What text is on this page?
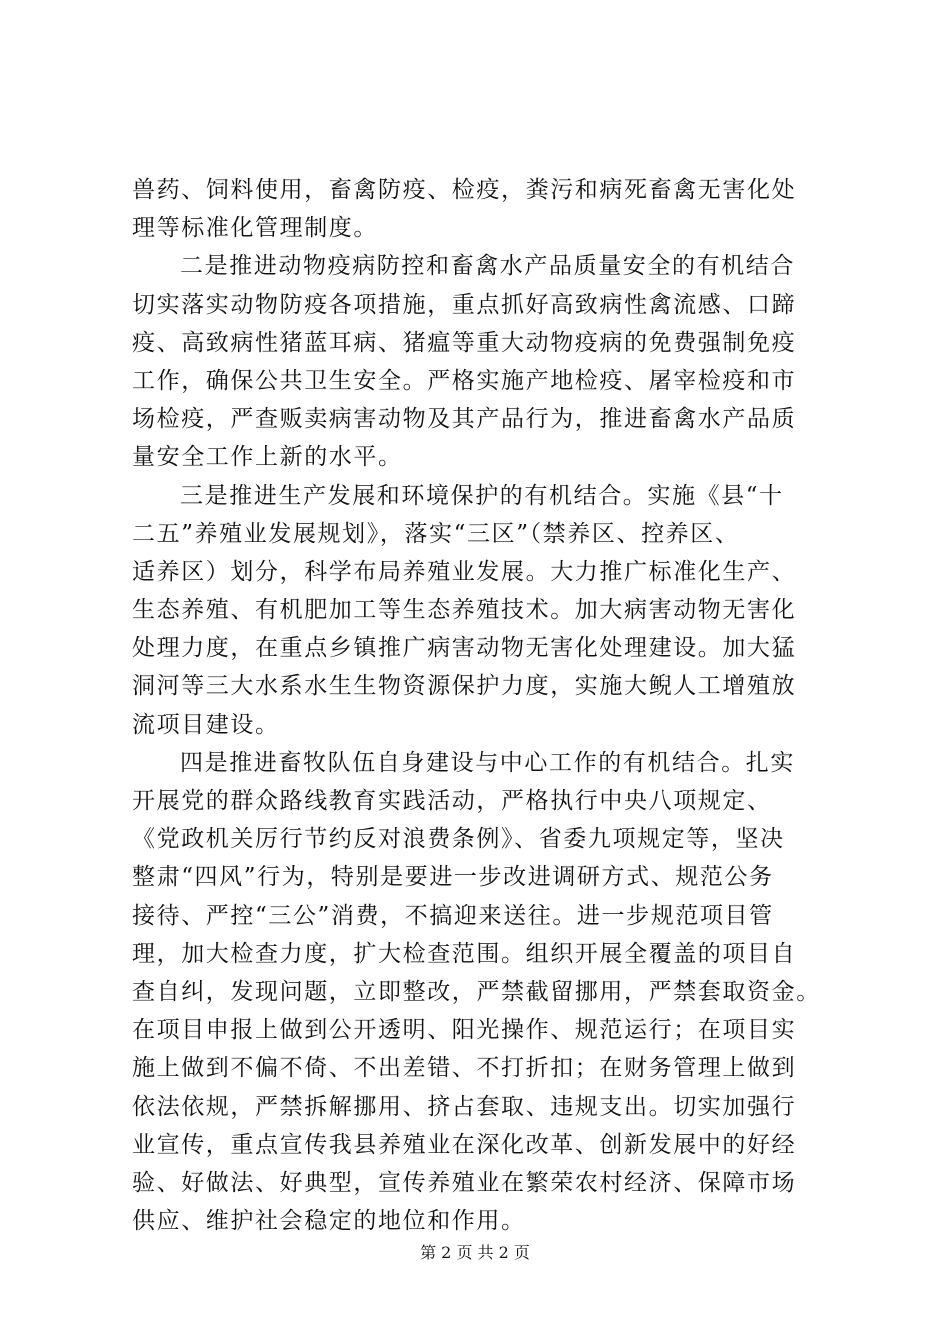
兽药、饲料使用，畜禽防疫、检疫，粪污和病死畜禽无害化处
理等标准化管理制度。
二是推进动物疫病防控和畜禽水产品质量安全的有机结合
切实落实动物防疫各项措施，重点抓好高致病性禽流感、口蹄
疫、高致病性猪蓝耳病、猪瘟等重大动物疫病的免费强制免疫
工作，确保公共卫生安全。严格实施产地检疫、屠宰检疫和市
场检疫，严查贩卖病害动物及其产品行为，推进畜禽水产品质
量安全工作上新的水平。
三是推进生产发展和环境保护的有机结合。实施《县“十
二五”养殖业发展规划》，落实“三区”（禁养区、控养区、
适养区）划分，科学布局养殖业发展。大力推广标准化生产、
生态养殖、有机肥加工等生态养殖技术。加大病害动物无害化
处理力度，在重点乡镇推广病害动物无害化处理建设。加大猛
洞河等三大水系水生生物资源保护力度，实施大鲵人工增殖放
流项目建设。
四是推进畜牧队伍自身建设与中心工作的有机结合。扎实
开展党的群众路线教育实践活动，严格执行中央八项规定、
《党政机关厉行节约反对浪费条例》、省委九项规定等，坚决
整肃“四风”行为，特别是要进一步改进调研方式、规范公务
接待、严控“三公”消费，不搞迎来送往。进一步规范项目管
理，加大检查力度，扩大检查范围。组织开展全覆盖的项目自
查自纠，发现问题，立即整改，严禁截留挪用，严禁套取资金。
在项目申报上做到公开透明、阳光操作、规范运行；在项目实
施上做到不偏不倚、不出差错、不打折扣；在财务管理上做到
依法依规，严禁拆解挪用、挤占套取、违规支出。切实加强行
业宣传，重点宣传我县养殖业在深化改革、创新发展中的好经
验、好做法、好典型，宣传养殖业在繁荣农村经济、保障市场
供应、维护社会稳定的地位和作用。
第 2 页 共 2 页
